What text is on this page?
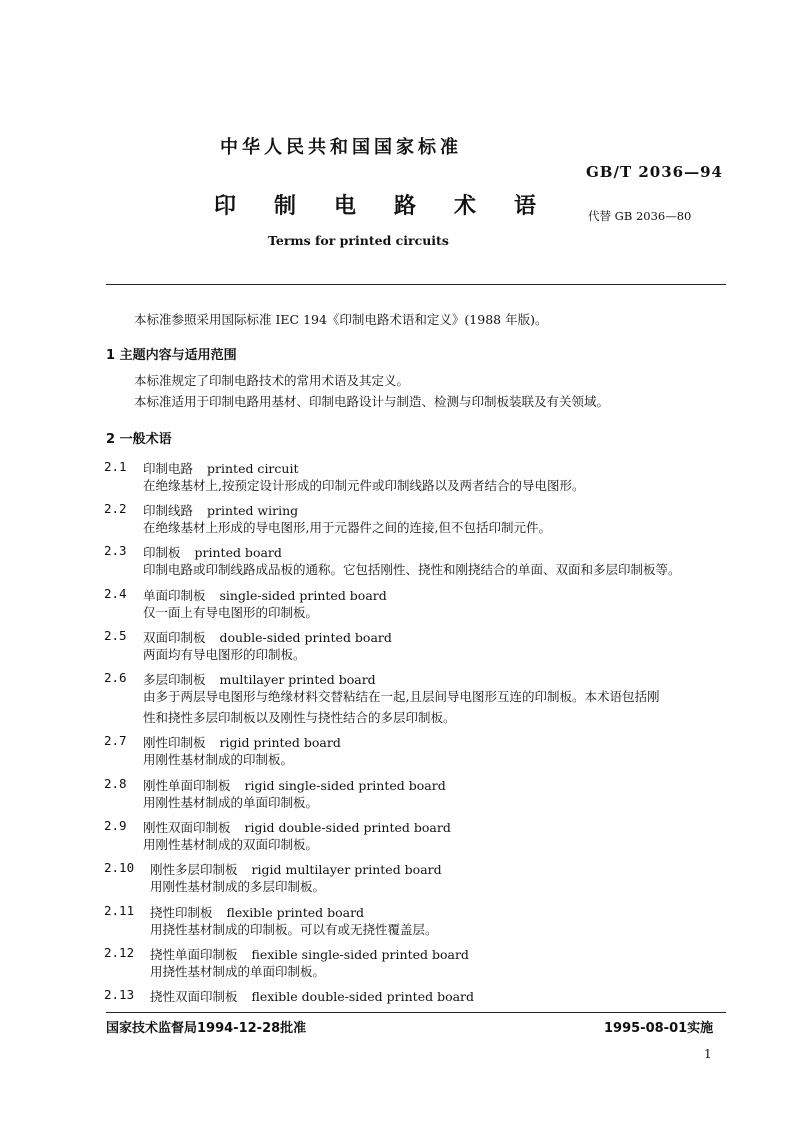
中华人民共和国国家标准
GB/T 2036—94
印制电路术语 代替 GB 2036—80
Terms for printed circuits
本标准参照采用国际标准 IEC 194《印制电路术语和定义》(1988 年版)。
1 主题内容与适用范围
本标准规定了印制电路技术的常用术语及其定义。
本标准适用于印制电路用基材、印制电路设计与制造、检测与印制板装联及有关领域。
2 一般术语
2.1 印制电路 printed circuit
在绝缘基材上,按预定设计形成的印制元件或印制线路以及两者结合的导电图形。
2.2 印制线路 printed wiring
在绝缘基材上形成的导电图形,用于元器件之间的连接,但不包括印制元件。
2.3 印制板 printed board
印制电路或印制线路成品板的通称。它包括刚性、挠性和刚挠结合的单面、双面和多层印制板等。
2.4 单面印制板 single-sided printed board
仅一面上有导电图形的印制板。
2.5 双面印制板 double-sided printed board
两面均有导电图形的印制板。
2.6 多层印制板 multilayer printed board
由多于两层导电图形与绝缘材料交替粘结在一起,且层间导电图形互连的印制板。本术语包括刚
性和挠性多层印制板以及刚性与挠性结合的多层印制板。
2.7 刚性印制板 rigid printed board
用刚性基材制成的印制板。
2.8 刚性单面印制板 rigid single-sided printed board
用刚性基材制成的单面印制板。
2.9 刚性双面印制板 rigid double-sided printed board
用刚性基材制成的双面印制板。
2.10 刚性多层印制板 rigid multilayer printed board
用刚性基材制成的多层印制板。
2.11 挠性印制板 flexible printed board
用挠性基材制成的印制板。可以有或无挠性覆盖层。
2.12 挠性单面印制板 fiexible single-sided printed board
用挠性基材制成的单面印制板。
2.13 挠性双面印制板 flexible double-sided printed board
国家技术监督局1994-12-28批准	1995-08-01实施
1
